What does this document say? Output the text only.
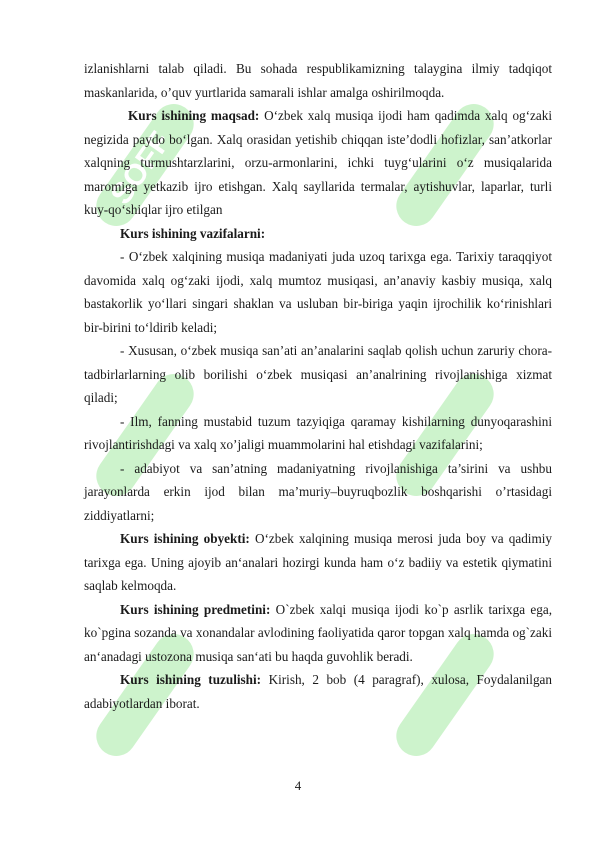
SOFF

izlanishlarni talab qiladi. Bu sohada respublikamizning talaygina ilmiy tadqiqot maskanlarida, o’quv yurtlarida samarali ishlar amalga oshirilmoqda.

Kurs ishining maqsad: O‘zbek xalq musiqa ijodi ham qadimda xalq og‘zaki negizida paydo bo‘lgan. Xalq orasidan yetishib chiqqan iste’dodli hofizlar, san’atkorlar xalqning turmushtarzlarini, orzu-armonlarini, ichki tuyg‘ularini o‘z musiqalarida maromiga yetkazib ijro etishgan. Xalq sayllarida termalar, aytishuvlar, laparlar, turli kuy-qo‘shiqlar ijro etilgan

Kurs ishining vazifalarni:

- O‘zbek xalqining musiqa madaniyati juda uzoq tarixga ega. Tarixiy taraqqiyot davomida xalq og‘zaki ijodi, xalq mumtoz musiqasi, an’anaviy kasbiy musiqa, xalq bastakorlik yo‘llari singari shaklan va usluban bir-biriga yaqin ijrochilik ko‘rinishlari bir-birini to‘ldirib keladi;

- Xususan, o‘zbek musiqa san’ati an’analarini saqlab qolish uchun zaruriy chora-tadbirlarlarning olib borilishi o‘zbek musiqasi an’analrining rivojlanishiga xizmat qiladi;

- Ilm, fanning mustabid tuzum tazyiqiga qaramay kishilarning dunyoqarashini rivojlantirishdagi va xalq xo’jaligi muammolarini hal etishdagi vazifalarini;

- adabiyot va san’atning madaniyatning rivojlanishiga ta’sirini va ushbu jarayonlarda erkin ijod bilan ma’muriy–buyruqbozlik boshqarishi o’rtasidagi ziddiyatlarni;

Kurs ishining obyekti: O‘zbek xalqining musiqa merosi juda boy va qadimiy tarixga ega. Uning ajoyib an‘analari hozirgi kunda ham o‘z badiiy va estetik qiymatini saqlab kelmoqda.

Kurs ishining predmetini: O`zbek xalqi musiqa ijodi ko`p asrlik tarixga ega, ko`pgina sozanda va xonandalar avlodining faoliyatida qaror topgan xalq hamda og`zaki an‘anadagi ustozona musiqa san‘ati bu haqda guvohlik beradi.

Kurs ishining tuzulishi: Kirish, 2 bob (4 paragraf), xulosa, Foydalanilgan adabiyotlardan iborat.

4
